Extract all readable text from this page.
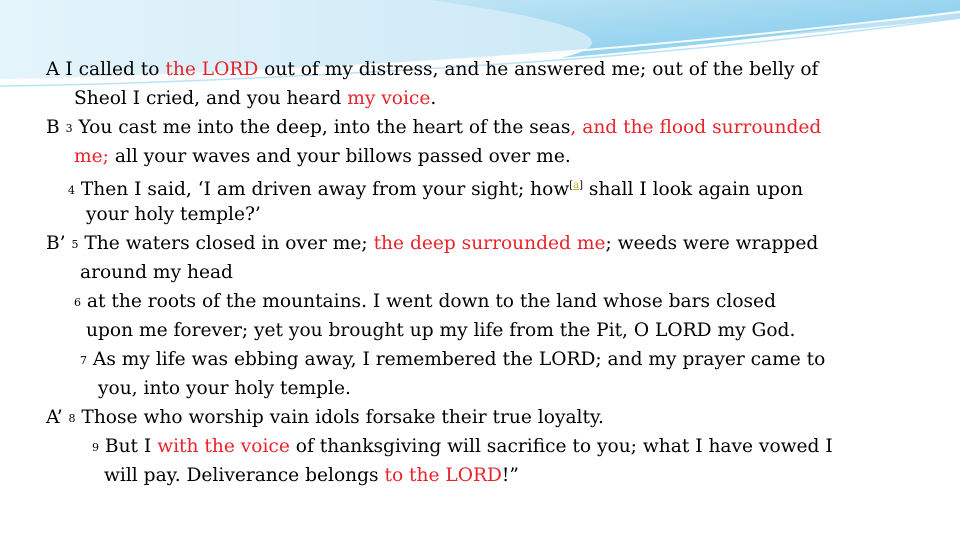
A I called to the LORD out of my distress, and he answered me; out of the belly of
Sheol I cried, and you heard my voice.
B 3 You cast me into the deep, into the heart of the seas, and the flood surrounded
me; all your waves and your billows passed over me.
4 Then I said, ‘I am driven away from your sight; how[a] shall I look again upon
your holy temple?’
B’ 5 The waters closed in over me; the deep surrounded me; weeds were wrapped
around my head
6 at the roots of the mountains. I went down to the land whose bars closed
upon me forever; yet you brought up my life from the Pit, O LORD my God.
7 As my life was ebbing away, I remembered the LORD; and my prayer came to
you, into your holy temple.
A’ 8 Those who worship vain idols forsake their true loyalty.
9 But I with the voice of thanksgiving will sacrifice to you; what I have vowed I
will pay. Deliverance belongs to the LORD!”
